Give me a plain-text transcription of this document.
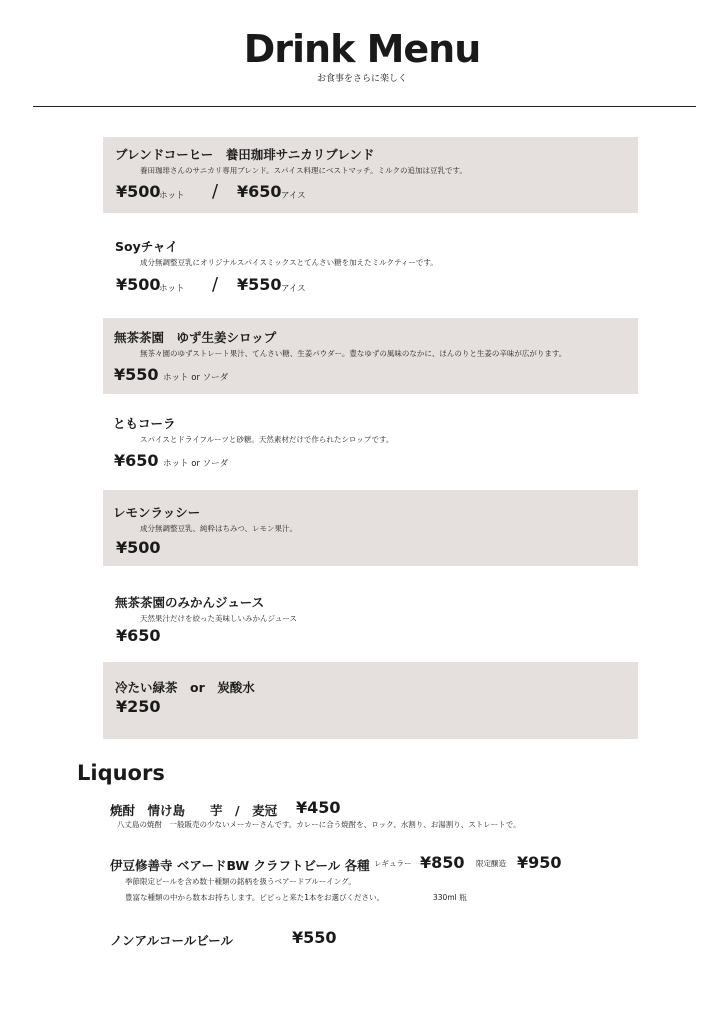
Drink Menu
お食事をさらに楽しく
ブレンドコーヒー　養田珈琲サニカリブレンド
養田珈琲さんのサニカリ専用ブレンド。スパイス料理にベストマッチ。ミルクの追加は豆乳です。
¥500
ホット / ¥650 アイス
Soyチャイ
成分無調整豆乳にオリジナルスパイスミックスとてんさい糖を加えたミルクティーです。
¥500
ホット / ¥550 アイス
無茶茶園　ゆず生姜シロップ
無茶々園のゆずストレート果汁、てんさい糖、生姜パウダー。豊なゆずの風味のなかに、ほんのりと生姜の辛味が広がります。
¥550 ホット or ソーダ
ともコーラ
スパイスとドライフルーツと砂糖。天然素材だけで作られたシロップです。
¥650 ホット or ソーダ
レモンラッシー
成分無調整豆乳、純粋はちみつ、レモン果汁。
¥500
無茶茶園のみかんジュース
天然果汁だけを絞った美味しいみかんジュース
¥650
冷たい緑茶　or　炭酸水
¥250
Liquors
焼酎　情け島　　芋　/　麦冠 ¥450
八丈島の焼酎　一般販売の少ないメーカーさんです。カレーに合う焼酎を、ロック、水割り、お湯割り、ストレートで。
伊豆修善寺 ベアードBW クラフトビール 各種 レギュラー ¥850 限定醸造 ¥950
季節限定ビールを含め数十種類の銘柄を扱うベアードブルーイング。
豊富な種類の中から数本お持ちします。ピピっと来た1本をお選びください。	330ml 瓶
ノンアルコールビール	¥550
